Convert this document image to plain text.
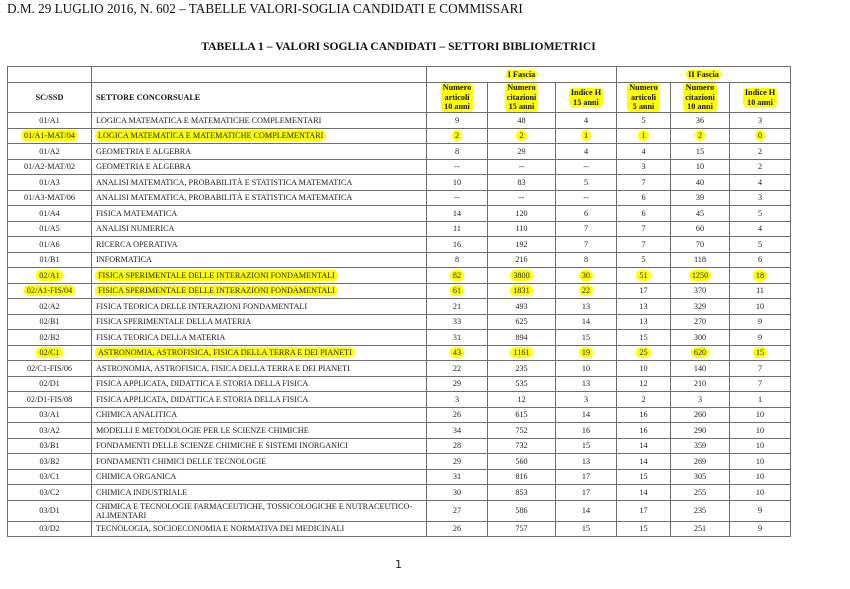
D.M. 29 LUGLIO 2016, N. 602 – TABELLE VALORI-SOGLIA CANDIDATI E COMMISSARI
TABELLA 1 – VALORI SOGLIA CANDIDATI – SETTORI BIBLIOMETRICI
		I Fascia			II Fascia		
SC/SSD	SETTORE CONCORSUALE	Numero
articoli
10 anni	Numero
citazioni
15 anni	Indice H
15 anni	Numero
articoli
5 anni	Numero
citazioni
10 anni	Indice H
10 anni
01/A1	LOGICA MATEMATICA E MATEMATICHE COMPLEMENTARI	9	48	4	5	36	3
01/A1-MAT/04	LOGICA MATEMATICA E MATEMATICHE COMPLEMENTARI	2	2	1	1	2	0
01/A2	GEOMETRIA E ALGEBRA	8	29	4	4	15	2
01/A2-MAT/02	GEOMETRIA E ALGEBRA	--	--	--	3	10	2
01/A3	ANALISI MATEMATICA, PROBABILITÀ E STATISTICA MATEMATICA	10	83	5	7	40	4
01/A3-MAT/06	ANALISI MATEMATICA, PROBABILITÀ E STATISTICA MATEMATICA	--	--	--	6	39	3
01/A4	FISICA MATEMATICA	14	120	6	6	45	5
01/A5	ANALISI NUMERICA	11	110	7	7	60	4
01/A6	RICERCA OPERATIVA	16	192	7	7	70	5
01/B1	INFORMATICA	8	216	8	5	118	6
02/A1	FISICA SPERIMENTALE DELLE INTERAZIONI FONDAMENTALI	82	3800	30	51	1250	18
02/A1-FIS/04	FISICA SPERIMENTALE DELLE INTERAZIONI FONDAMENTALI	61	1831	22	17	370	11
02/A2	FISICA TEORICA DELLE INTERAZIONI FONDAMENTALI	21	493	13	13	329	10
02/B1	FISICA SPERIMENTALE DELLA MATERIA	33	625	14	13	270	9
02/B2	FISICA TEORICA DELLA MATERIA	31	894	15	15	300	9
02/C1	ASTRONOMIA, ASTROFISICA, FISICA DELLA TERRA E DEI PIANETI	43	1161	19	25	620	15
02/C1-FIS/06	ASTRONOMIA, ASTROFISICA, FISICA DELLA TERRA E DEI PIANETI	22	235	10	10	140	7
02/D1	FISICA APPLICATA, DIDATTICA E STORIA DELLA FISICA	29	535	13	12	210	7
02/D1-FIS/08	FISICA APPLICATA, DIDATTICA E STORIA DELLA FISICA	3	12	3	2	3	1
03/A1	CHIMICA ANALITICA	26	615	14	16	260	10
03/A2	MODELLI E METODOLOGIE PER LE SCIENZE CHIMICHE	34	752	16	16	290	10
03/B1	FONDAMENTI DELLE SCIENZE CHIMICHE E SISTEMI INORGANICI	28	732	15	14	359	10
03/B2	FONDAMENTI CHIMICI DELLE TECNOLOGIE	29	560	13	14	269	10
03/C1	CHIMICA ORGANICA	31	816	17	15	305	10
03/C2	CHIMICA INDUSTRIALE	30	853	17	14	255	10
03/D1	CHIMICA E TECNOLOGIE FARMACEUTICHE, TOSSICOLOGICHE E NUTRACEUTICO-ALIMENTARI	27	586	14	17	235	9
03/D2	TECNOLOGIA, SOCIOECONOMIA E NORMATIVA DEI MEDICINALI	26	757	15	15	251	9
1
